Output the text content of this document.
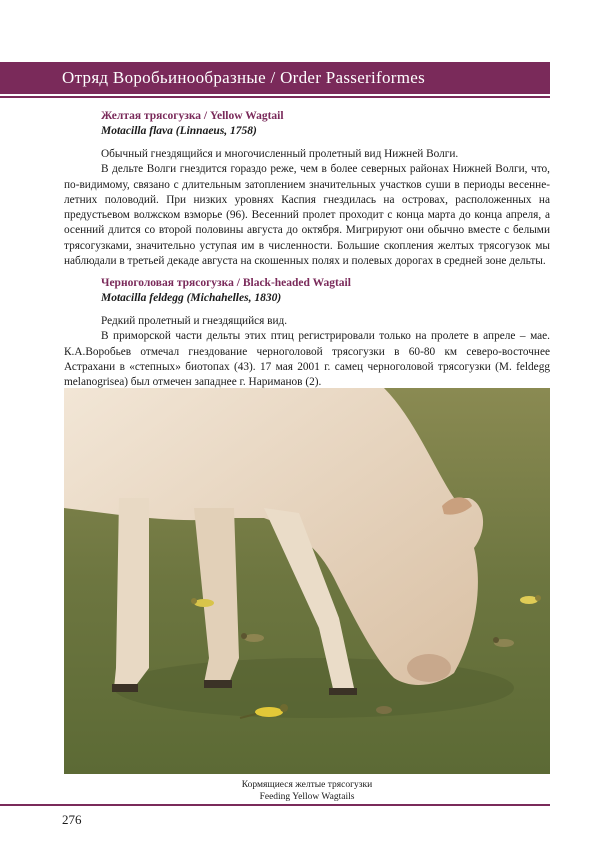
Отряд Воробьинообразные / Order Passeriformes
Желтая трясогузка / Yellow Wagtail
Motacilla flava (Linnaeus, 1758)

Обычный гнездящийся и многочисленный пролетный вид Нижней Волги.

В дельте Волги гнездится гораздо реже, чем в более северных районах Нижней Волги, что, по-видимому, связано с длительным затоплением значительных участков суши в периоды весенне-летних половодий. При низких уровнях Каспия гнездилась на островах, расположенных на предустьевом волжском взморье (96). Весенний пролет проходит с конца марта до конца апреля, а осенний длится со второй половины августа до октября. Мигрируют они обычно вместе с белыми трясогузками, значительно уступая им в численности. Большие скопления желтых трясогузок мы наблюдали в третьей декаде августа на скошенных полях и полевых дорогах в средней зоне дельты.

Черноголовая трясогузка / Black-headed Wagtail
Motacilla feldegg (Michahelles, 1830)

Редкий пролетный и гнездящийся вид.

В приморской части дельты этих птиц регистрировали только на пролете в апреле – мае. К.А.Воробьев отмечал гнездование черноголовой трясогузки в 60-80 км северо-восточнее Астрахани в «степных» биотопах (43). 17 мая 2001 г. самец черноголовой трясогузки (M. feldegg melanogrisea) был отмечен западнее г. Нариманов (2).

Кормящиеся желтые трясогузки
Feeding Yellow Wagtails
276
